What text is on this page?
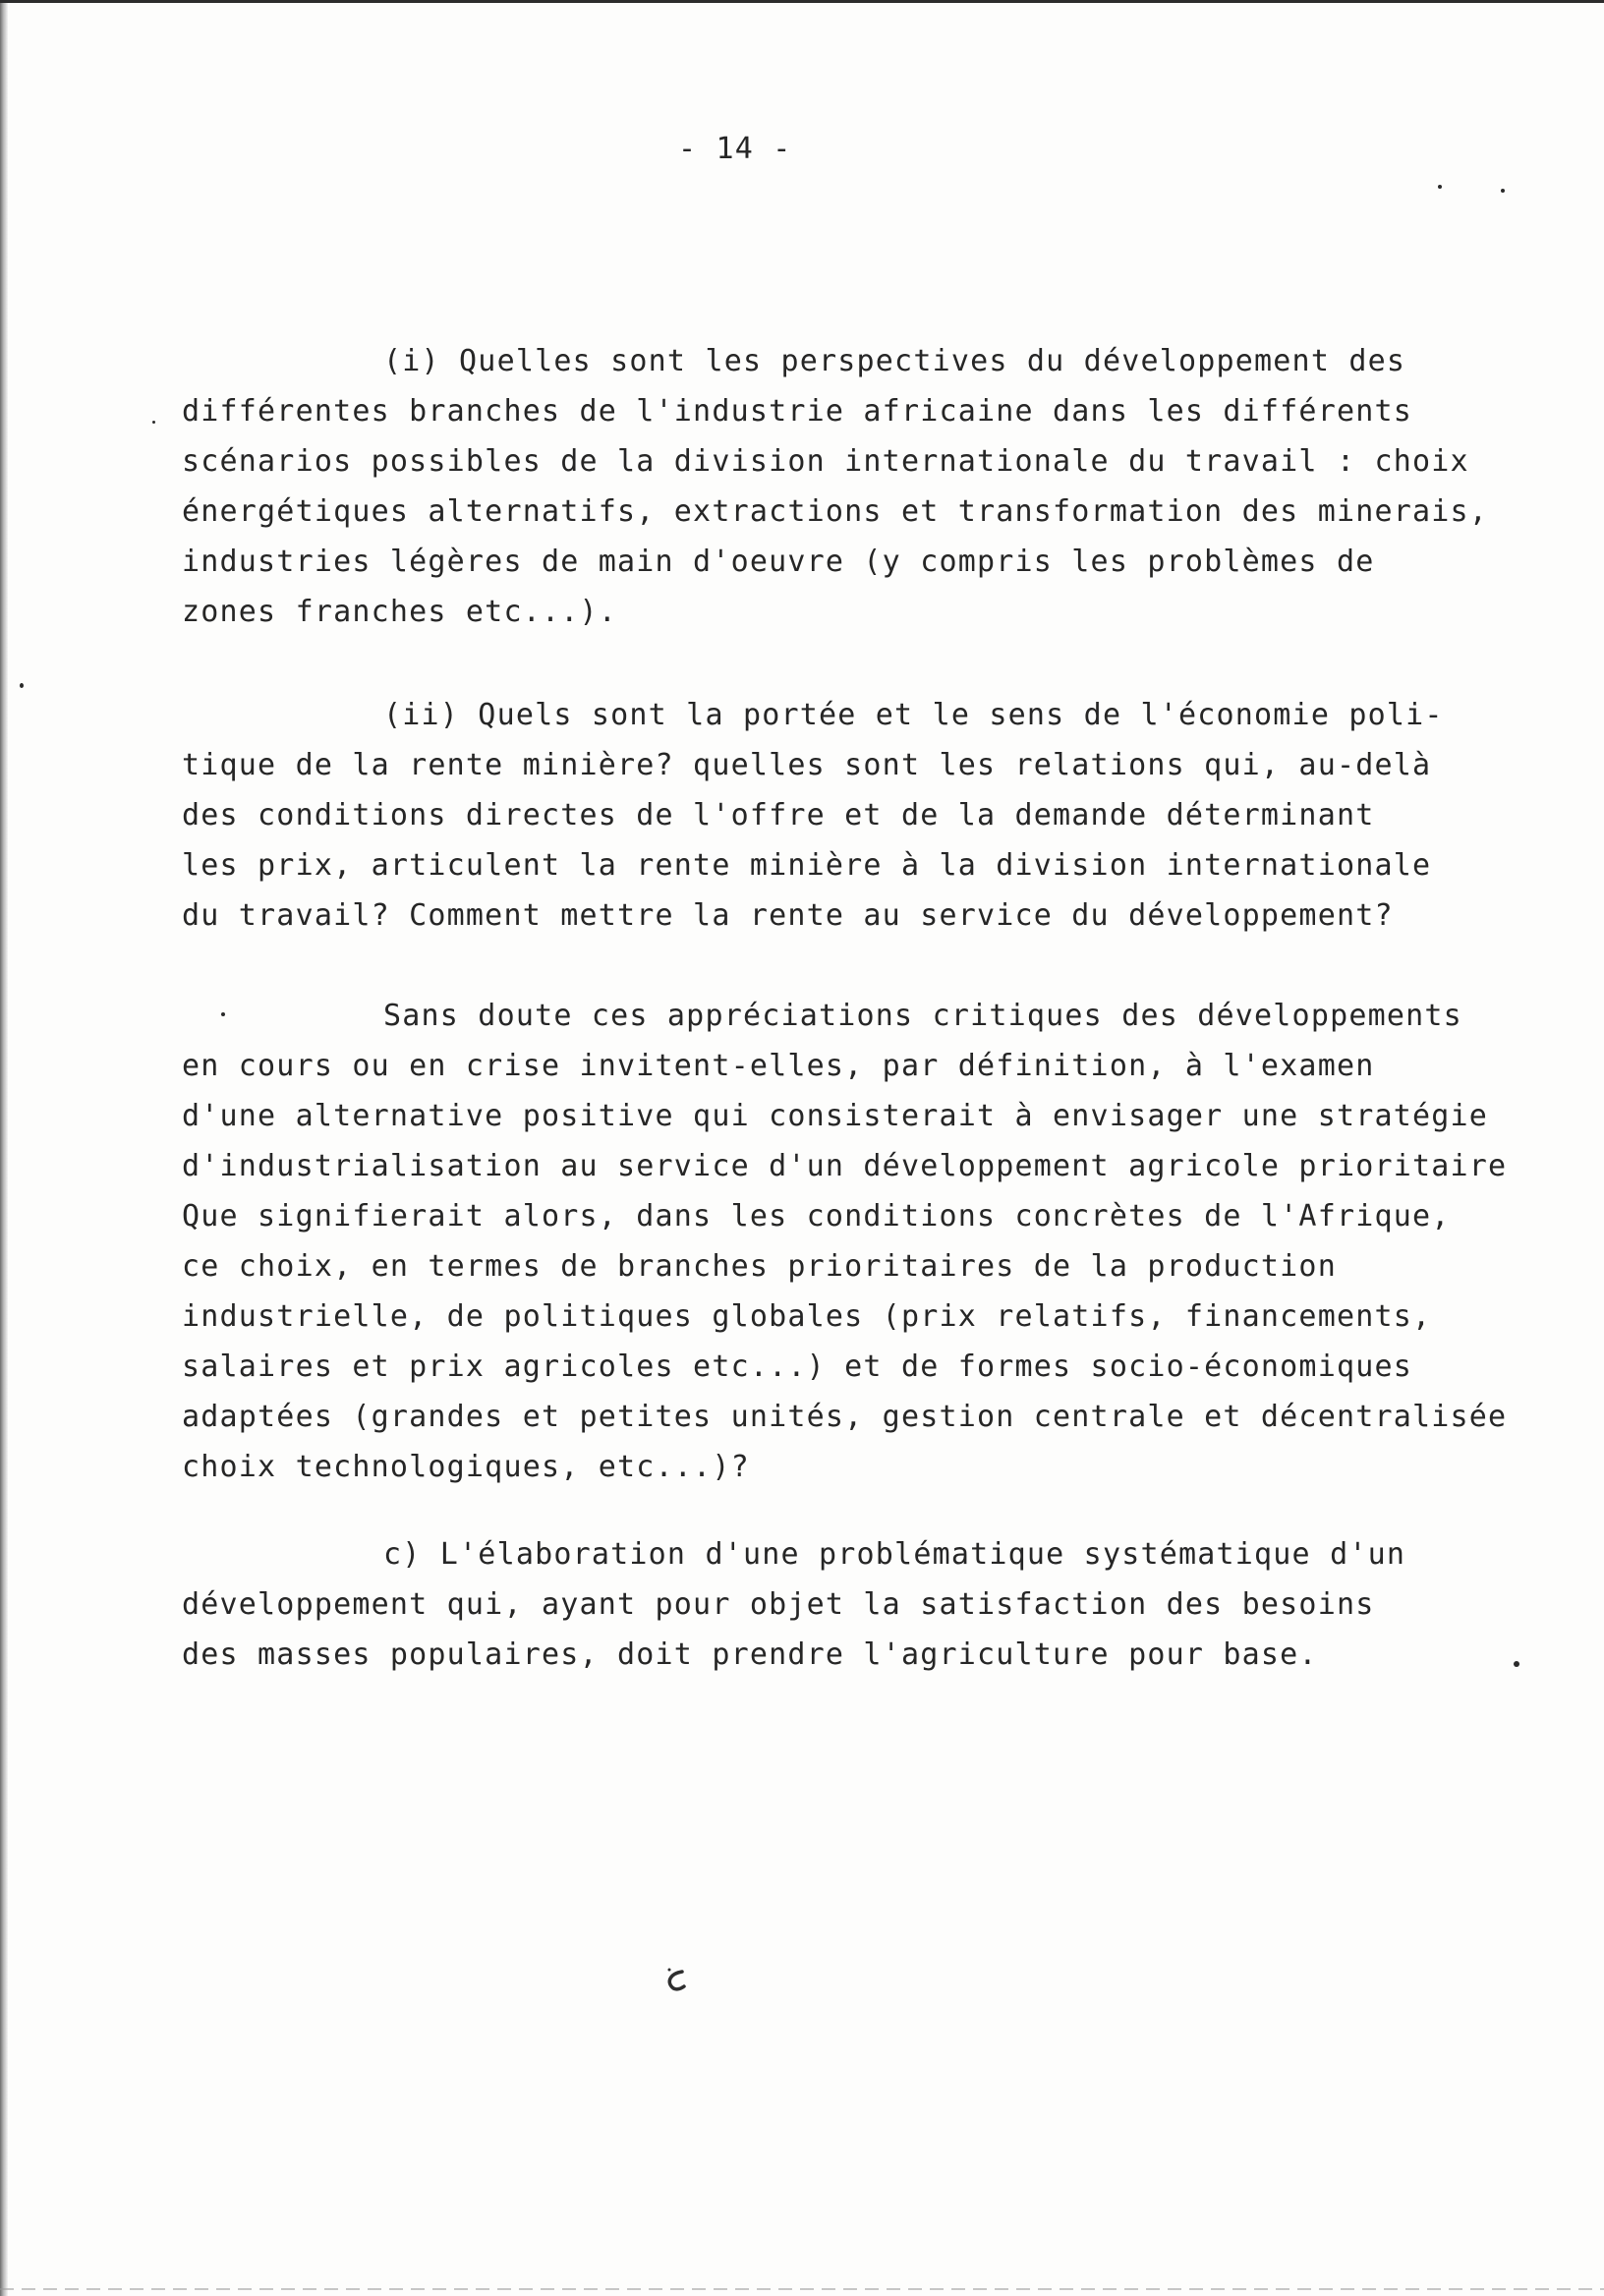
- 14 -
(i) Quelles sont les perspectives du développement des
différentes branches de l'industrie africaine dans les différents
scénarios possibles de la division internationale du travail : choix
énergétiques alternatifs, extractions et transformation des minerais,
industries légères de main d'oeuvre (y compris les problèmes de
zones franches etc...).
(ii) Quels sont la portée et le sens de l'économie poli-
tique de la rente minière? quelles sont les relations qui, au-delà
des conditions directes de l'offre et de la demande déterminant
les prix, articulent la rente minière à la division internationale
du travail? Comment mettre la rente au service du développement?
Sans doute ces appréciations critiques des développements
en cours ou en crise invitent-elles, par définition, à l'examen
d'une alternative positive qui consisterait à envisager une stratégie
d'industrialisation au service d'un développement agricole prioritaire
Que signifierait alors, dans les conditions concrètes de l'Afrique,
ce choix, en termes de branches prioritaires de la production
industrielle, de politiques globales (prix relatifs, financements,
salaires et prix agricoles etc...) et de formes socio-économiques
adaptées (grandes et petites unités, gestion centrale et décentralisée
choix technologiques, etc...)?
c) L'élaboration d'une problématique systématique d'un
développement qui, ayant pour objet la satisfaction des besoins
des masses populaires, doit prendre l'agriculture pour base.
